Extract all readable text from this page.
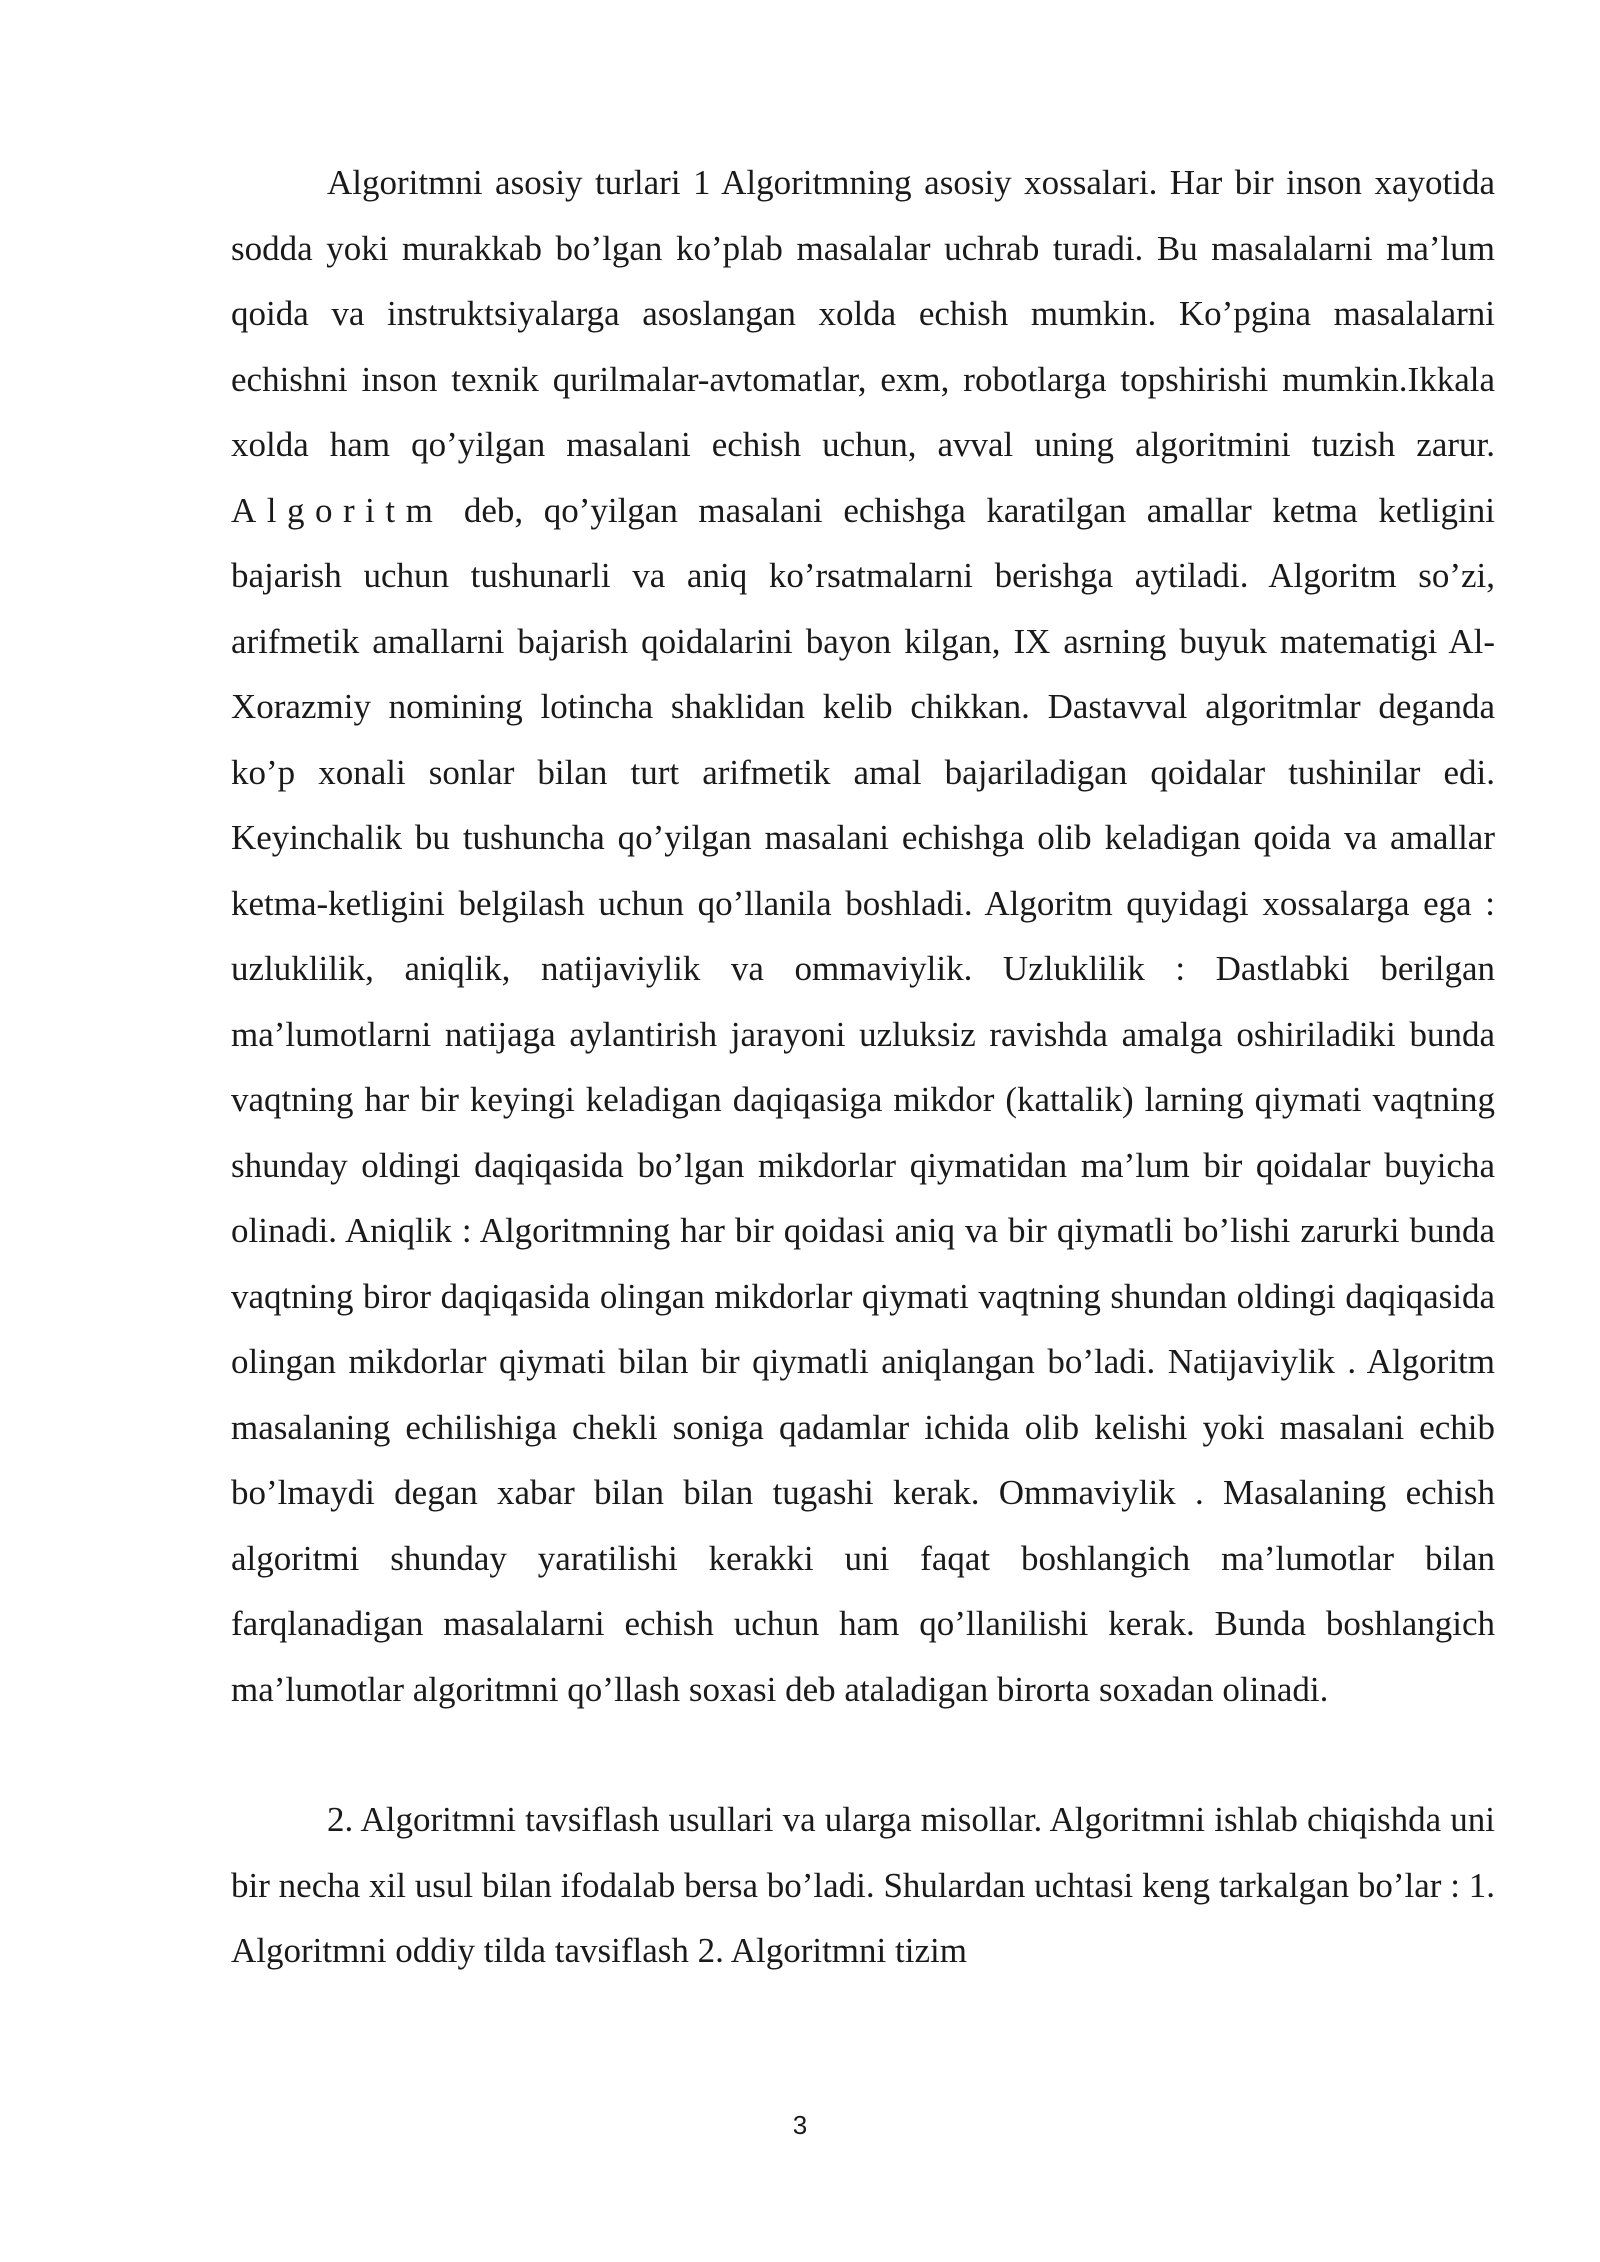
Algoritmni asosiy turlari 1 Algoritmning asosiy xossalari. Har bir inson xayotida sodda yoki murakkab bo’lgan ko’plab masalalar uchrab turadi. Bu masalalarni ma’lum qoida va instruktsiyalarga asoslangan xolda echish mumkin. Ko’pgina masalalarni echishni inson texnik qurilmalar-avtomatlar, exm, robotlarga topshirishi mumkin.Ikkala xolda ham qo’yilgan masalani echish uchun, avval uning algoritmini tuzish zarur. Algoritm deb, qo’yilgan masalani echishga karatilgan amallar ketma ketligini bajarish uchun tushunarli va aniq ko’rsatmalarni berishga aytiladi. Algoritm so’zi, arifmetik amallarni bajarish qoidalarini bayon kilgan, IX asrning buyuk matematigi Al-Xorazmiy nomining lotincha shaklidan kelib chikkan. Dastavval algoritmlar deganda ko’p xonali sonlar bilan turt arifmetik amal bajariladigan qoidalar tushinilar edi. Keyinchalik bu tushuncha qo’yilgan masalani echishga olib keladigan qoida va amallar ketma-ketligini belgilash uchun qo’llanila boshladi. Algoritm quyidagi xossalarga ega : uzluklilik, aniqlik, natijaviylik va ommaviylik. Uzluklilik : Dastlabki berilgan ma’lumotlarni natijaga aylantirish jarayoni uzluksiz ravishda amalga oshiriladiki bunda vaqtning har bir keyingi keladigan daqiqasiga mikdor (kattalik) larning qiymati vaqtning shunday oldingi daqiqasida bo’lgan mikdorlar qiymatidan ma’lum bir qoidalar buyicha olinadi. Aniqlik : Algoritmning har bir qoidasi aniq va bir qiymatli bo’lishi zarurki bunda vaqtning biror daqiqasida olingan mikdorlar qiymati vaqtning shundan oldingi daqiqasida olingan mikdorlar qiymati bilan bir qiymatli aniqlangan bo’ladi. Natijaviylik . Algoritm masalaning echilishiga chekli soniga qadamlar ichida olib kelishi yoki masalani echib bo’lmaydi degan xabar bilan bilan tugashi kerak. Ommaviylik . Masalaning echish algoritmi shunday yaratilishi kerakki uni faqat boshlangich ma’lumotlar bilan farqlanadigan masalalarni echish uchun ham qo’llanilishi kerak. Bunda boshlangich ma’lumotlar algoritmni qo’llash soxasi deb ataladigan birorta soxadan olinadi.

2. Algoritmni tavsiflash usullari va ularga misollar. Algoritmni ishlab chiqishda uni bir necha xil usul bilan ifodalab bersa bo’ladi. Shulardan uchtasi keng tarkalgan bo’lar : 1. Algoritmni oddiy tilda tavsiflash 2. Algoritmni tizim

3
